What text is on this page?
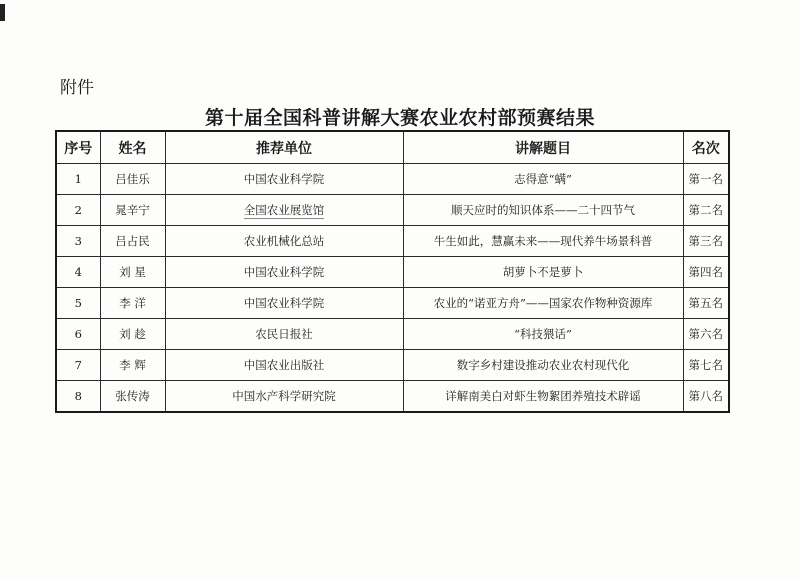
附件
第十届全国科普讲解大赛农业农村部预赛结果
序号	姓名	推荐单位	讲解题目	名次
1	吕佳乐	中国农业科学院	志得意“螨”	第一名
2	晁辛宁	全国农业展览馆	顺天应时的知识体系——二十四节气	第二名
3	吕占民	农业机械化总站	牛生如此，慧赢未来——现代养牛场景科普	第三名
4	刘 星	中国农业科学院	胡萝卜不是萝卜	第四名
5	李 洋	中国农业科学院	农业的“诺亚方舟”——国家农作物种资源库	第五名
6	刘 趁	农民日报社	“科技猥话”	第六名
7	李 辉	中国农业出版社	数字乡村建设推动农业农村现代化	第七名
8	张传涛	中国水产科学研究院	详解南美白对虾生物絮团养殖技术辟谣	第八名
